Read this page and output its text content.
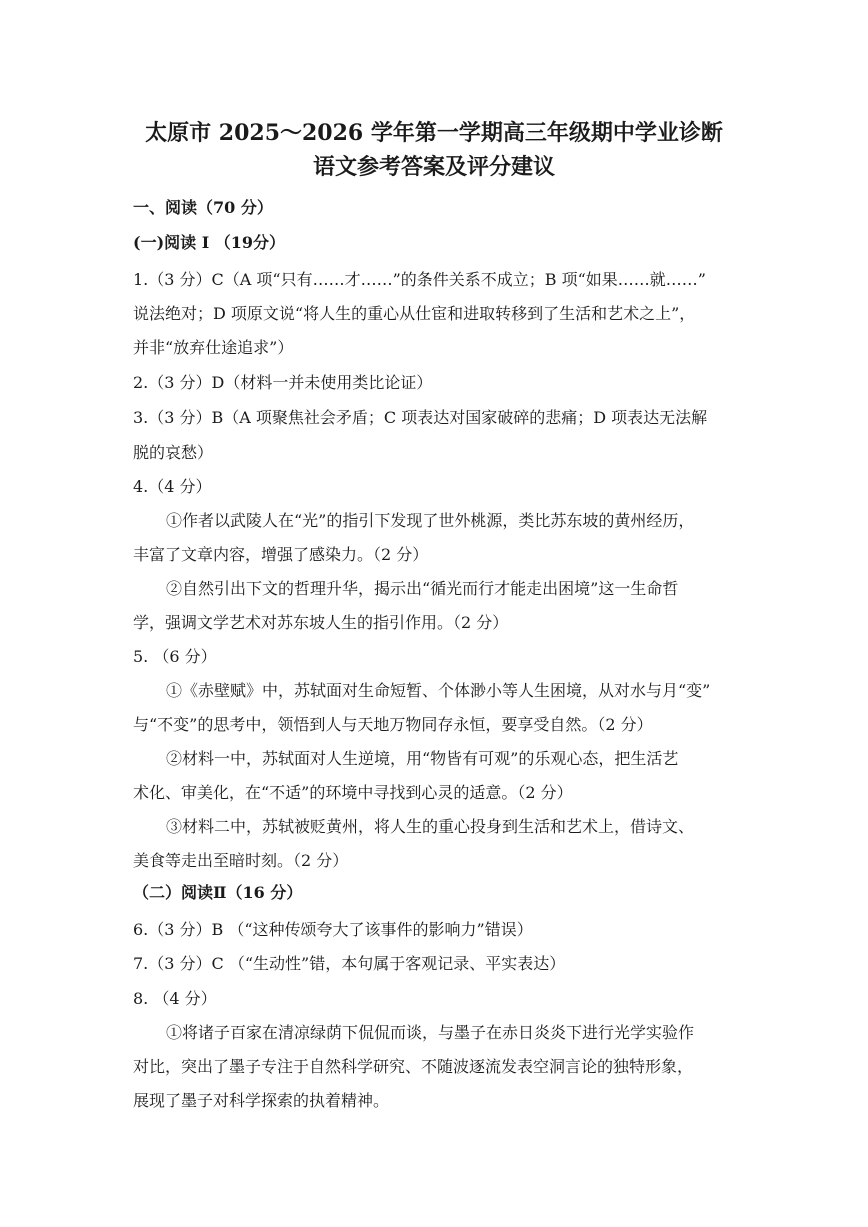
太原市 2025～2026 学年第一学期高三年级期中学业诊断
语文参考答案及评分建议
一、阅读（70 分）
(一)阅读 Ⅰ （19分）
1.（3 分）C（A 项“只有……才……”的条件关系不成立；B 项“如果……就……”
说法绝对；D 项原文说“将人生的重心从仕宦和进取转移到了生活和艺术之上”，
并非“放弃仕途追求”）
2.（3 分）D（材料一并未使用类比论证）
3.（3 分）B（A 项聚焦社会矛盾；C 项表达对国家破碎的悲痛；D 项表达无法解
脱的哀愁）
4.（4 分）
①作者以武陵人在“光”的指引下发现了世外桃源，类比苏东坡的黄州经历，
丰富了文章内容，增强了感染力。（2 分）
②自然引出下文的哲理升华，揭示出“循光而行才能走出困境”这一生命哲
学，强调文学艺术对苏东坡人生的指引作用。（2 分）
5. （6 分）
①《赤壁赋》中，苏轼面对生命短暂、个体渺小等人生困境，从对水与月“变”
与“不变”的思考中，领悟到人与天地万物同存永恒，要享受自然。（2 分）
②材料一中，苏轼面对人生逆境，用“物皆有可观”的乐观心态，把生活艺
术化、审美化，在“不适”的环境中寻找到心灵的适意。（2 分）
③材料二中，苏轼被贬黄州，将人生的重心投身到生活和艺术上，借诗文、
美食等走出至暗时刻。（2 分）
（二）阅读Ⅱ（16 分）
6.（3 分）B （“这种传颂夸大了该事件的影响力”错误）
7.（3 分）C （“生动性”错，本句属于客观记录、平实表达）
8. （4 分）
①将诸子百家在清凉绿荫下侃侃而谈，与墨子在赤日炎炎下进行光学实验作
对比，突出了墨子专注于自然科学研究、不随波逐流发表空洞言论的独特形象，
展现了墨子对科学探索的执着精神。
